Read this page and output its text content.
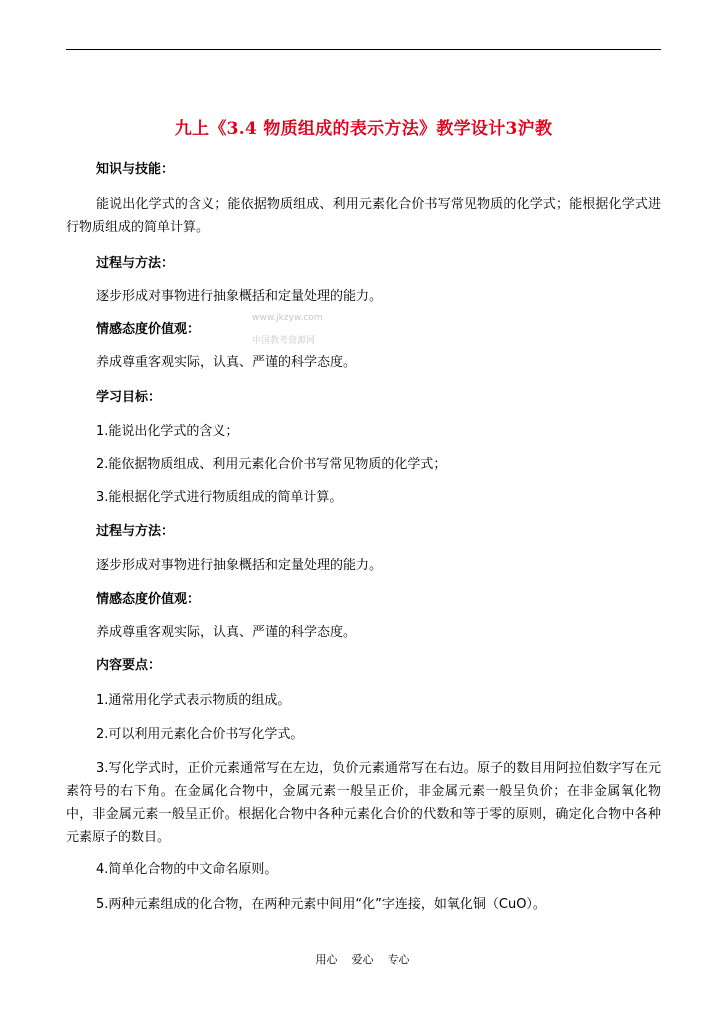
九上《3.4 物质组成的表示方法》教学设计3沪教
知识与技能：
能说出化学式的含义；能依据物质组成、利用元素化合价书写常见物质的化学式；能根据化学式进行物质组成的简单计算。
过程与方法：
逐步形成对事物进行抽象概括和定量处理的能力。
www.jkzyw.com
情感态度价值观：
中国教考资源网
养成尊重客观实际，认真、严谨的科学态度。
学习目标：
1.能说出化学式的含义；
2.能依据物质组成、利用元素化合价书写常见物质的化学式；
3.能根据化学式进行物质组成的简单计算。
过程与方法：
逐步形成对事物进行抽象概括和定量处理的能力。
情感态度价值观：
养成尊重客观实际，认真、严谨的科学态度。
内容要点：
1.通常用化学式表示物质的组成。
2.可以利用元素化合价书写化学式。
3.写化学式时，正价元素通常写在左边，负价元素通常写在右边。原子的数目用阿拉伯数字写在元素符号的右下角。在金属化合物中，金属元素一般呈正价，非金属元素一般呈负价；在非金属氧化物中，非金属元素一般呈正价。根据化合物中各种元素化合价的代数和等于零的原则，确定化合物中各种元素原子的数目。
4.简单化合物的中文命名原则。
5.两种元素组成的化合物，在两种元素中间用“化”字连接，如氧化铜（CuO）。
用心    爱心    专心
